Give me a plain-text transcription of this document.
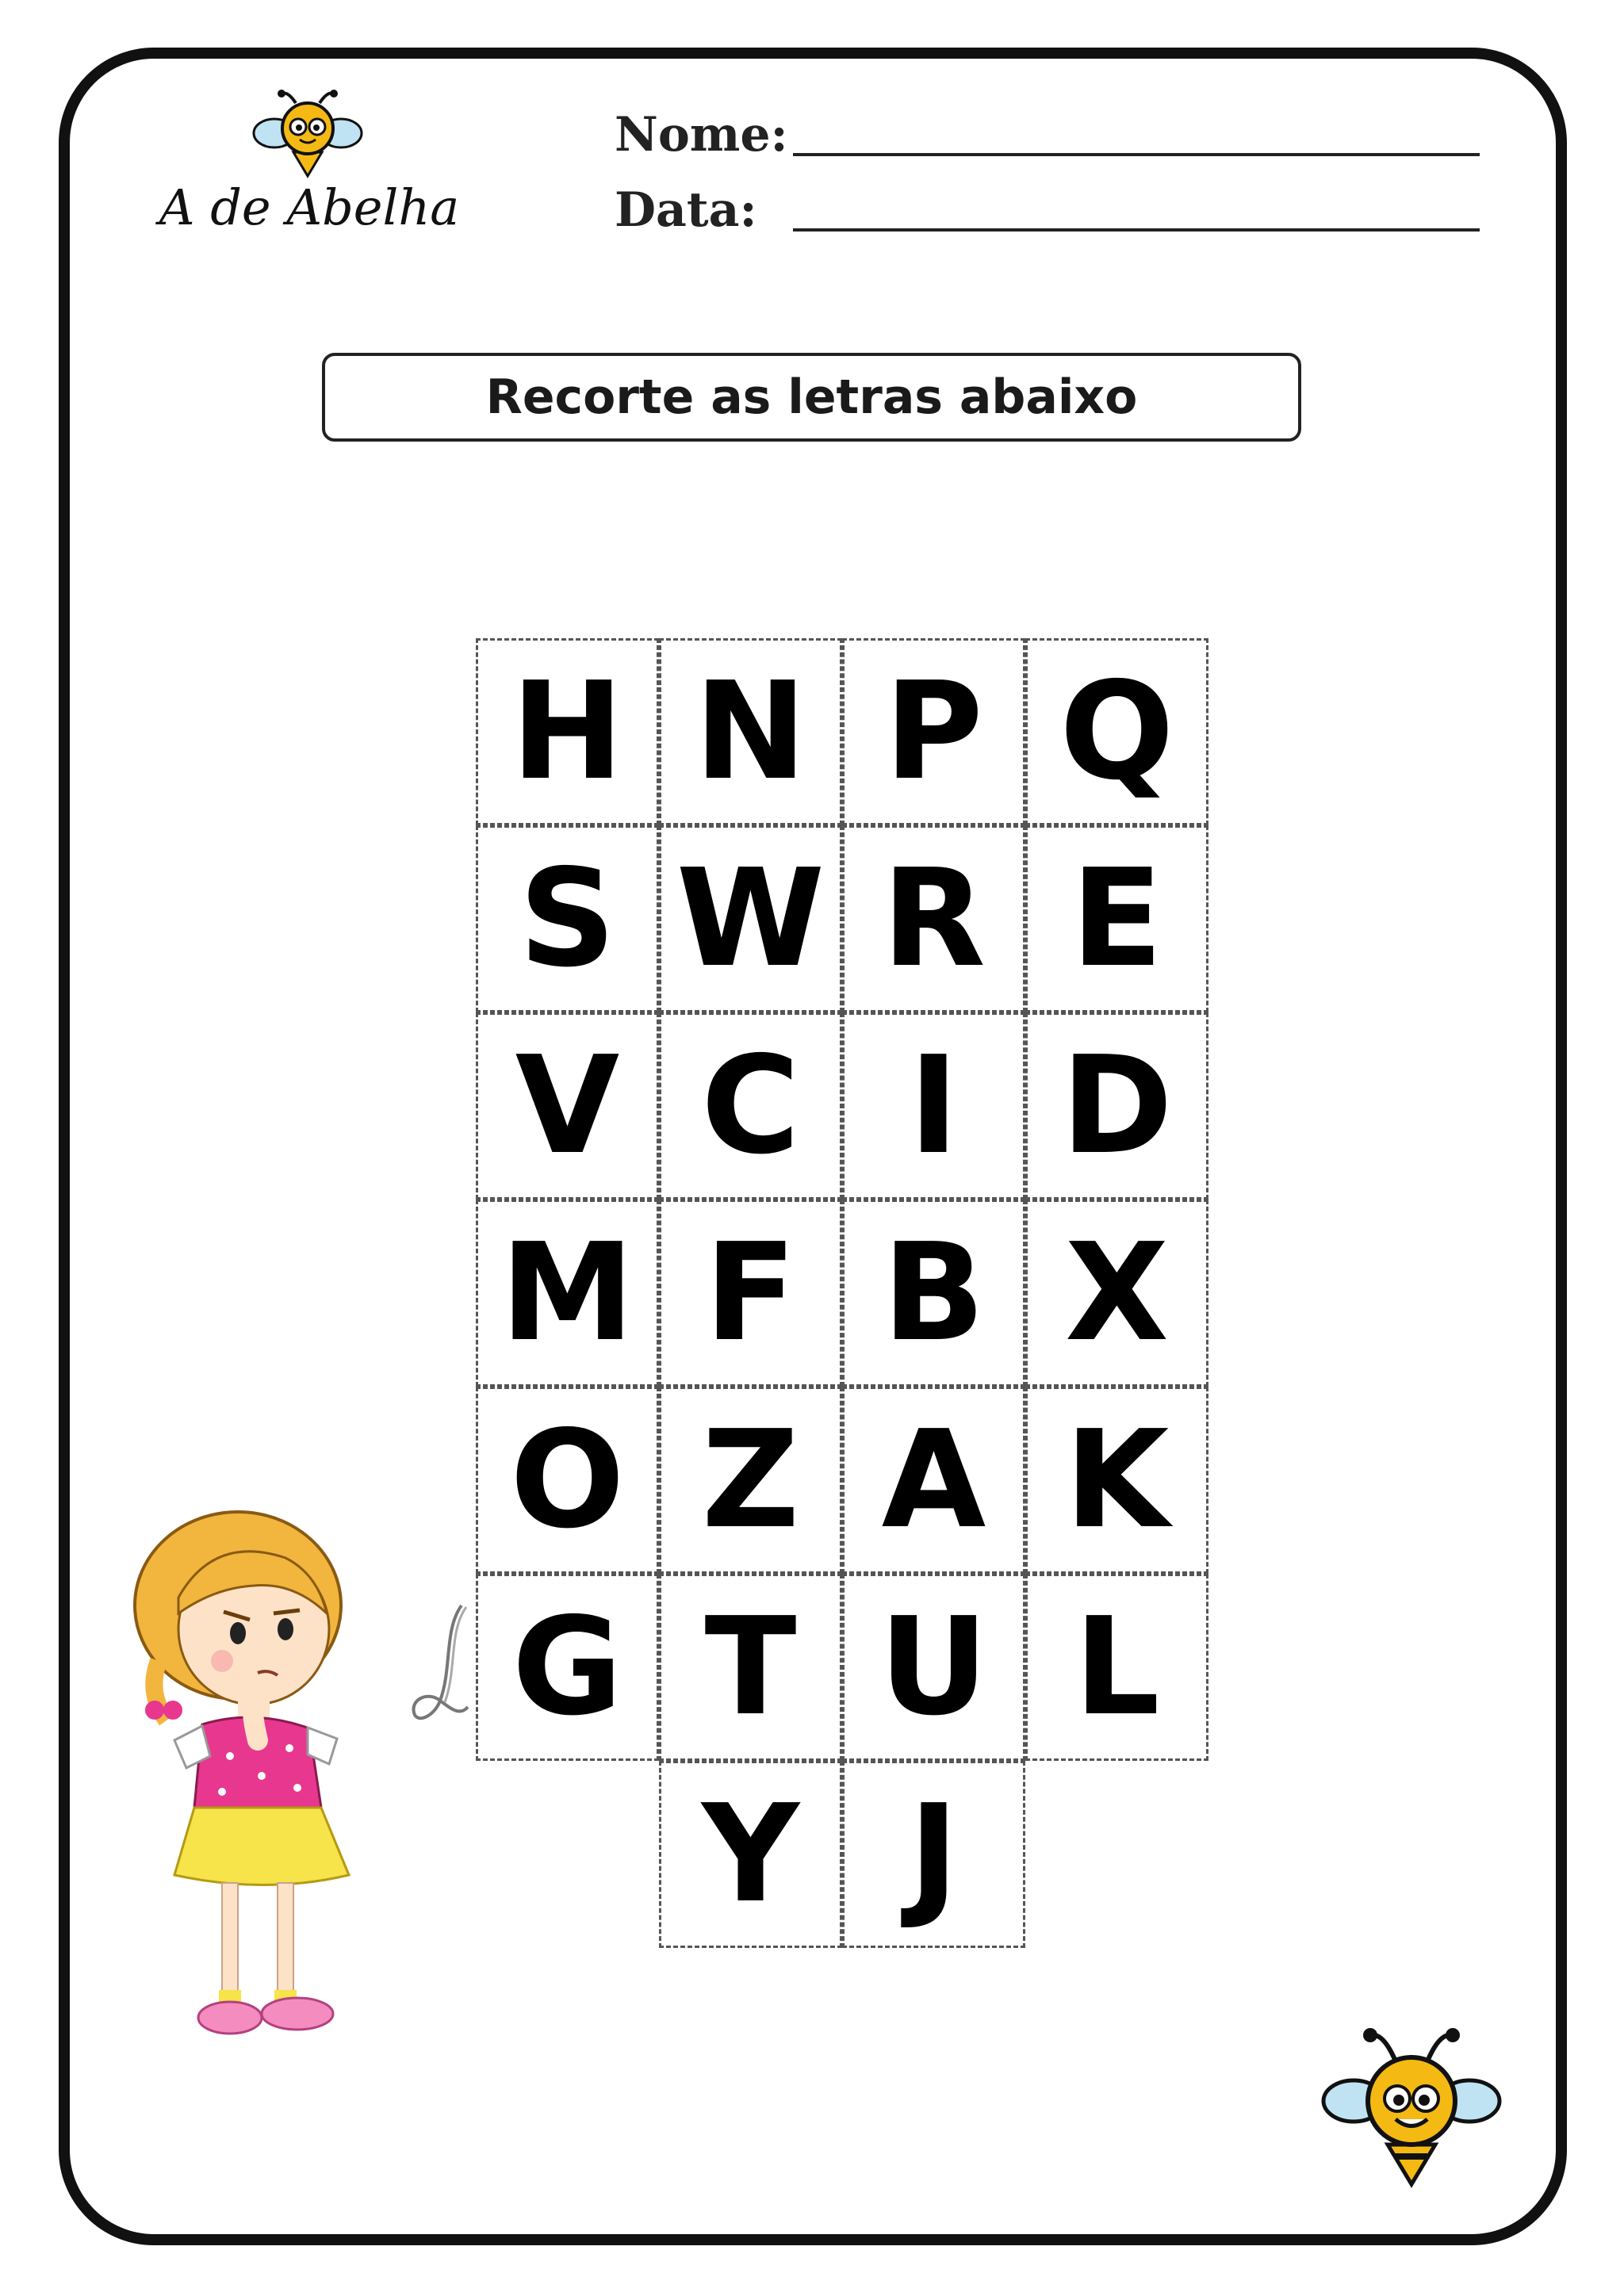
A de Abelha
Nome:
Data:
Recorte as letras abaixo
H N P Q
S W R E
V C I D
M F B X
O Z A K
G T U L
Y J
